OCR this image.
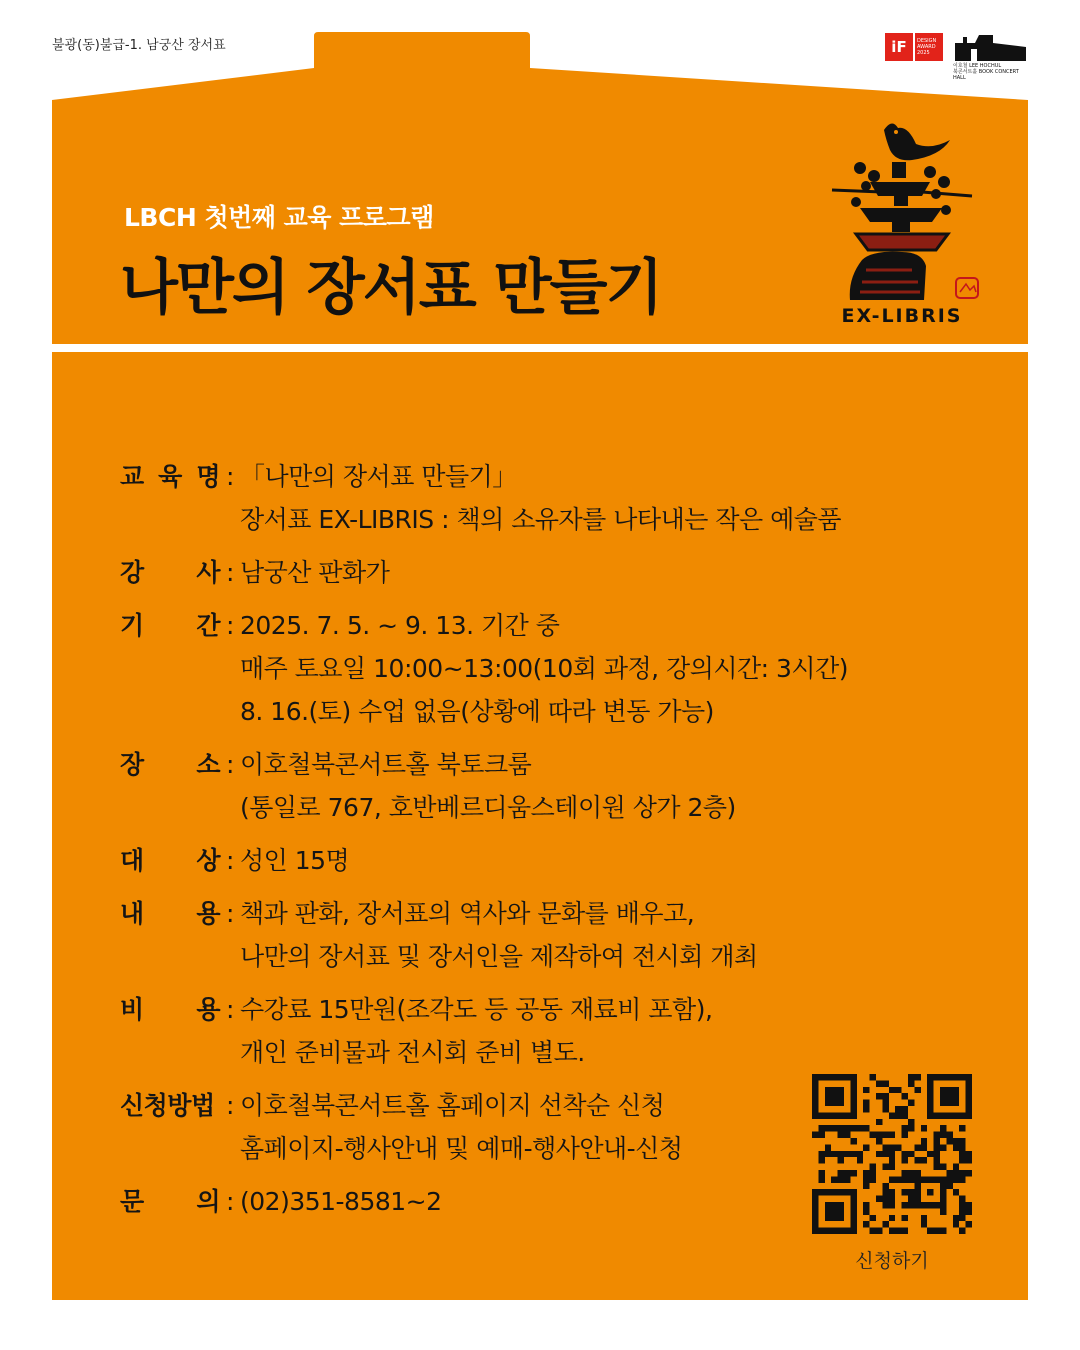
불광(동)불급-1. 남궁산 장서표	iF	DESIGN
AWARD
2025
이호철 LEE HOCHUL
북콘서트홀 BOOK CONCERT HALL
LBCH 첫번째 교육 프로그램
나만의 장서표 만들기	EX-LIBRIS
교 육 명 : 「나만의 장서표 만들기」
장서표 EX-LIBRIS : 책의 소유자를 나타내는 작은 예술품
강 사 : 남궁산 판화가
기 간 : 2025. 7. 5. ~ 9. 13. 기간 중
매주 토요일 10:00~13:00(10회 과정, 강의시간: 3시간)
8. 16.(토) 수업 없음(상황에 따라 변동 가능)
장 소 : 이호철북콘서트홀 북토크룸
(통일로 767, 호반베르디움스테이원 상가 2층)
대 상 : 성인 15명
내 용 : 책과 판화, 장서표의 역사와 문화를 배우고,
나만의 장서표 및 장서인을 제작하여 전시회 개최
비 용 : 수강료 15만원(조각도 등 공동 재료비 포함),
개인 준비물과 전시회 준비 별도.
신청방법 : 이호철북콘서트홀 홈페이지 선착순 신청
홈페이지-행사안내 및 예매-행사안내-신청
문 의 : (02)351-8581~2
신청하기
